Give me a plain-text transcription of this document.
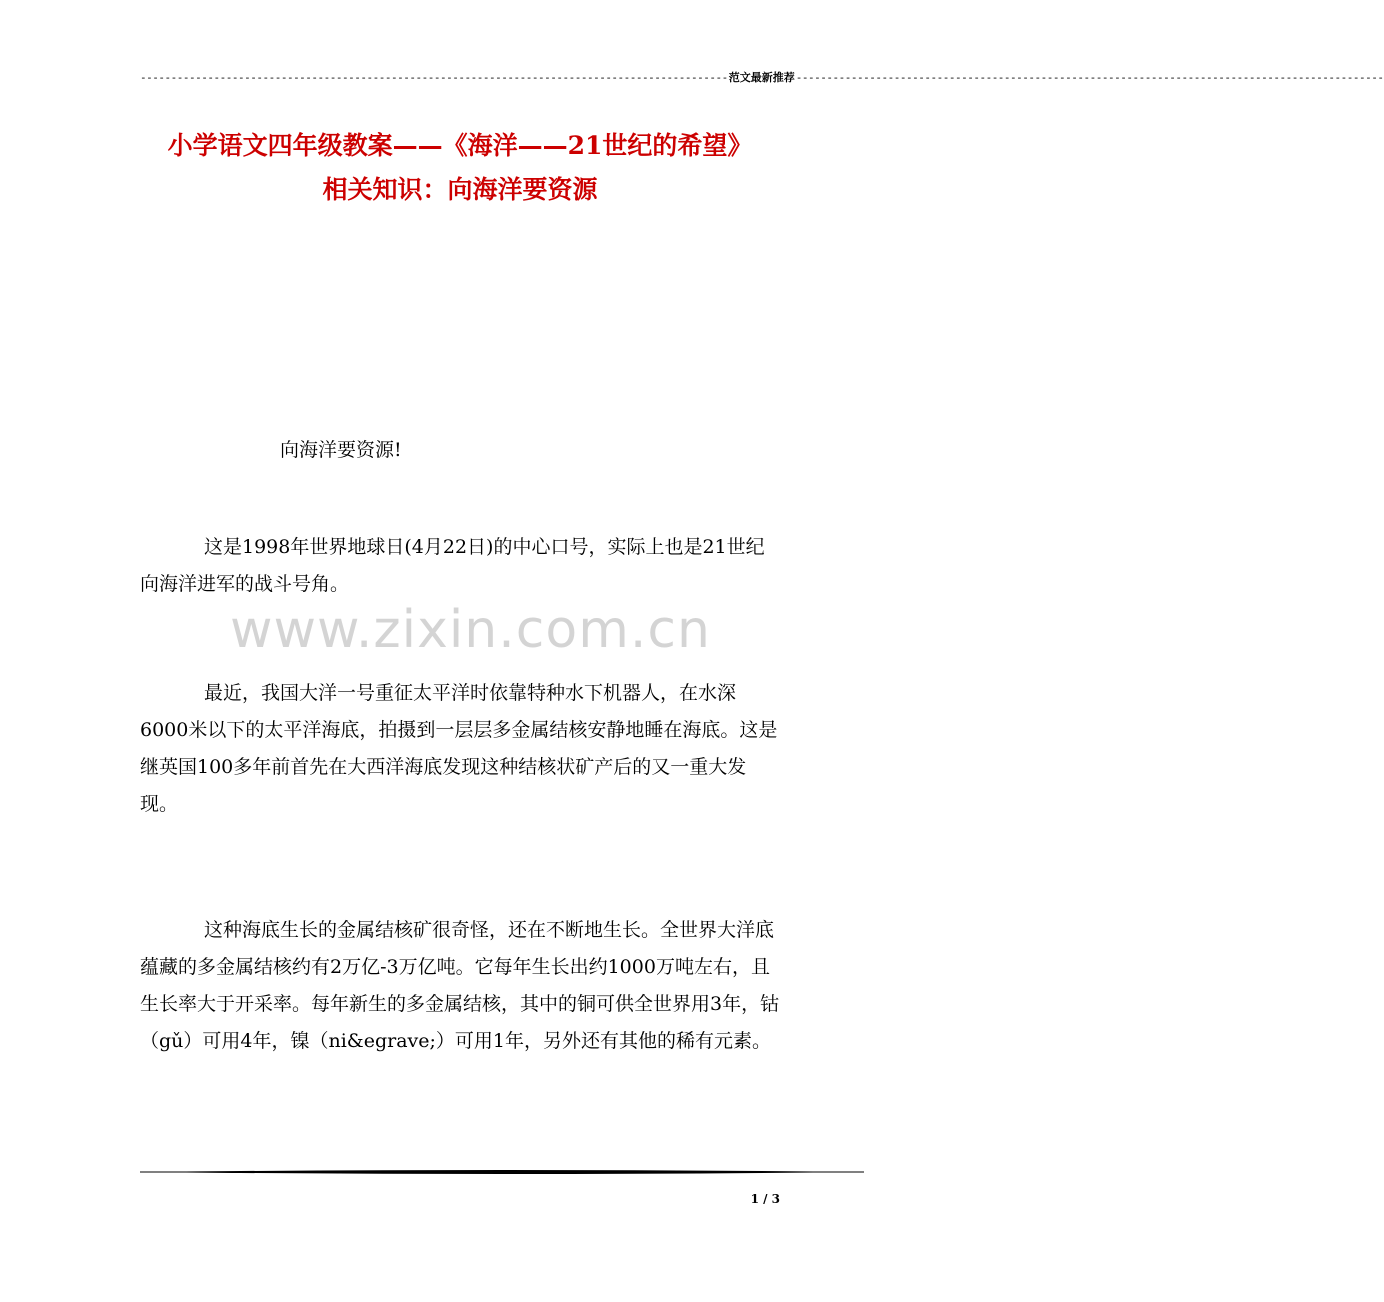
------------------------------------------------------------------------------------------------ 范文最新推荐 ------------------------------------------------------------------------------------------------
小学语文四年级教案——《海洋——21世纪的希望》
相关知识：向海洋要资源
www.zixin.com.cn
向海洋要资源!
这是1998年世界地球日(4月22日)的中心口号，实际上也是21世纪向海洋进军的战斗号角。
最近，我国大洋一号重征太平洋时依靠特种水下机器人，在水深6000米以下的太平洋海底，拍摄到一层层多金属结核安静地睡在海底。这是继英国100多年前首先在大西洋海底发现这种结核状矿产后的又一重大发现。
这种海底生长的金属结核矿很奇怪，还在不断地生长。全世界大洋底蕴藏的多金属结核约有2万亿-3万亿吨。它每年生长出约1000万吨左右，且生长率大于开采率。每年新生的多金属结核，其中的铜可供全世界用3年，钴（gǔ）可用4年，镍（ni&egrave;）可用1年，另外还有其他的稀有元素。
1 / 3
